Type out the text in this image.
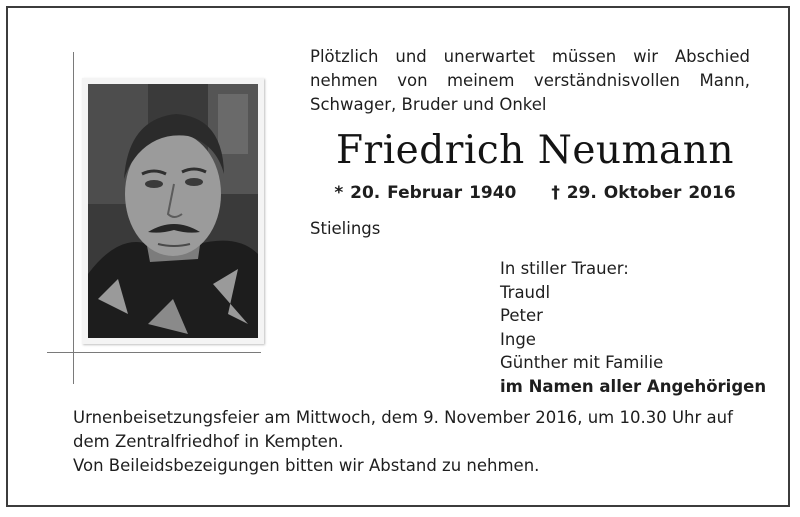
Plötzlich und unerwartet müssen wir Abschied nehmen von meinem verständnisvollen Mann, Schwager, Bruder und Onkel
Friedrich Neumann
* 20. Februar 1940 † 29. Oktober 2016
Stielings
In stiller Trauer:
Traudl
Peter
Inge
Günther mit Familie
im Namen aller Angehörigen
Urnenbeisetzungsfeier am Mittwoch, dem 9. November 2016, um 10.30 Uhr auf dem Zentralfriedhof in Kempten.
Von Beileidsbezeigungen bitten wir Abstand zu nehmen.
